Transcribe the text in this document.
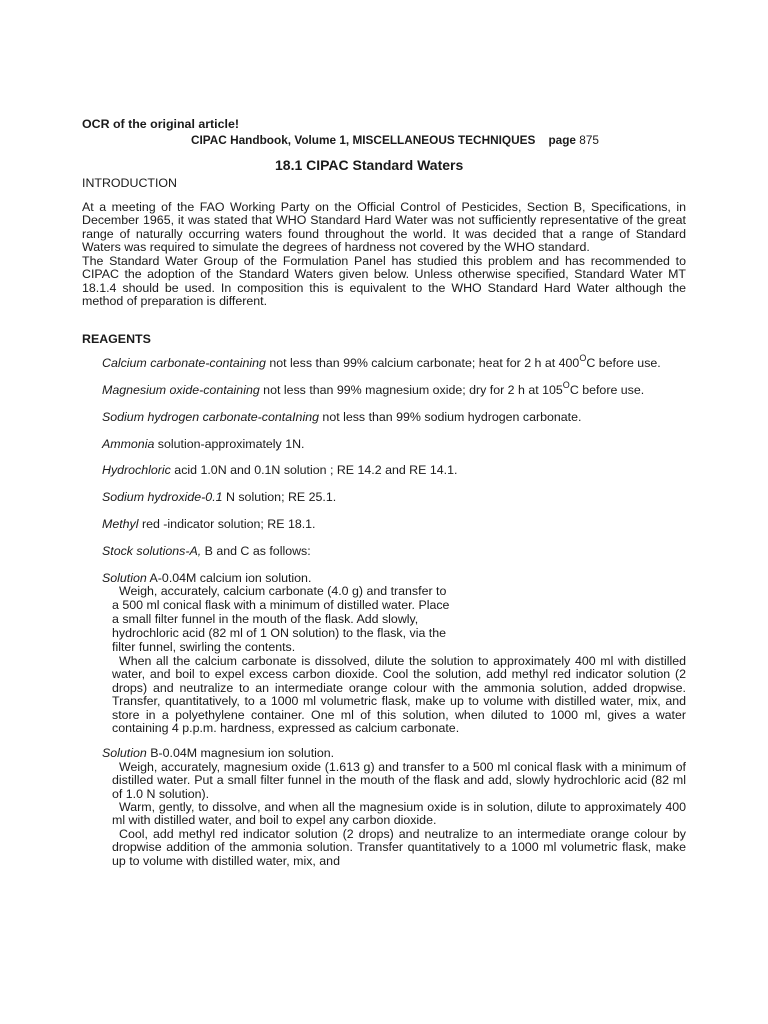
OCR of the original article!
CIPAC Handbook, Volume 1, MISCELLANEOUS TECHNIQUES page 875
18.1 CIPAC Standard Waters
INTRODUCTION
At a meeting of the FAO Working Party on the Official Control of Pesticides, Section B, Specifications, in December 1965, it was stated that WHO Standard Hard Water was not sufficiently representative of the great range of naturally occurring waters found throughout the world. It was decided that a range of Standard Waters was required to simulate the degrees of hardness not covered by the WHO standard.
The Standard Water Group of the Formulation Panel has studied this problem and has recommended to CIPAC the adoption of the Standard Waters given below. Unless otherwise specified, Standard Water MT 18.1.4 should be used. In composition this is equivalent to the WHO Standard Hard Water although the method of preparation is different.
REAGENTS
Calcium carbonate-containing not less than 99% calcium carbonate; heat for 2 h at $400^OC$ before use.
Magnesium oxide-containing not less than 99% magnesium oxide; dry for 2 h at $105^OC$ before use.
Sodium hydrogen carbonate-contaIning not less than 99% sodium hydrogen carbonate.
Ammonia solution-approximately 1N.
Hydrochloric acid 1.0N and 0.1N solution ; RE 14.2 and RE 14.1.
Sodium hydroxide-0.1 N solution; RE 25.1.
Methyl red -indicator solution; RE 18.1.
Stock solutions-A, B and C as follows:
Solution A-0.04M calcium ion solution.
Weigh, accurately, calcium carbonate (4.0 g) and transfer to
a 500 ml conical flask with a minimum of distilled water. Place
a small filter funnel in the mouth of the flask. Add slowly,
hydrochloric acid (82 ml of 1 ON solution) to the flask, via the
filter funnel, swirling the contents.
When all the calcium carbonate is dissolved, dilute the solution to approximately 400 ml with distilled water, and boil to expel excess carbon dioxide. Cool the solution, add methyl red indicator solution (2 drops) and neutralize to an intermediate orange colour with the ammonia solution, added dropwise. Transfer, quantitatively, to a 1000 ml volumetric flask, make up to volume with distilled water, mix, and store in a polyethylene container. One ml of this solution, when diluted to 1000 ml, gives a water containing 4 p.p.m. hardness, expressed as calcium carbonate.
Solution B-0.04M magnesium ion solution.
Weigh, accurately, magnesium oxide (1.613 g) and transfer to a 500 ml conical flask with a minimum of distilled water. Put a small filter funnel in the mouth of the flask and add, slowly hydrochloric acid (82 ml of 1.0 N solution).
Warm, gently, to dissolve, and when all the magnesium oxide is in solution, dilute to approximately 400 ml with distilled water, and boil to expel any carbon dioxide.
Cool, add methyl red indicator solution (2 drops) and neutralize to an intermediate orange colour by dropwise addition of the ammonia solution. Transfer quantitatively to a 1000 ml volumetric flask, make up to volume with distilled water, mix, and
